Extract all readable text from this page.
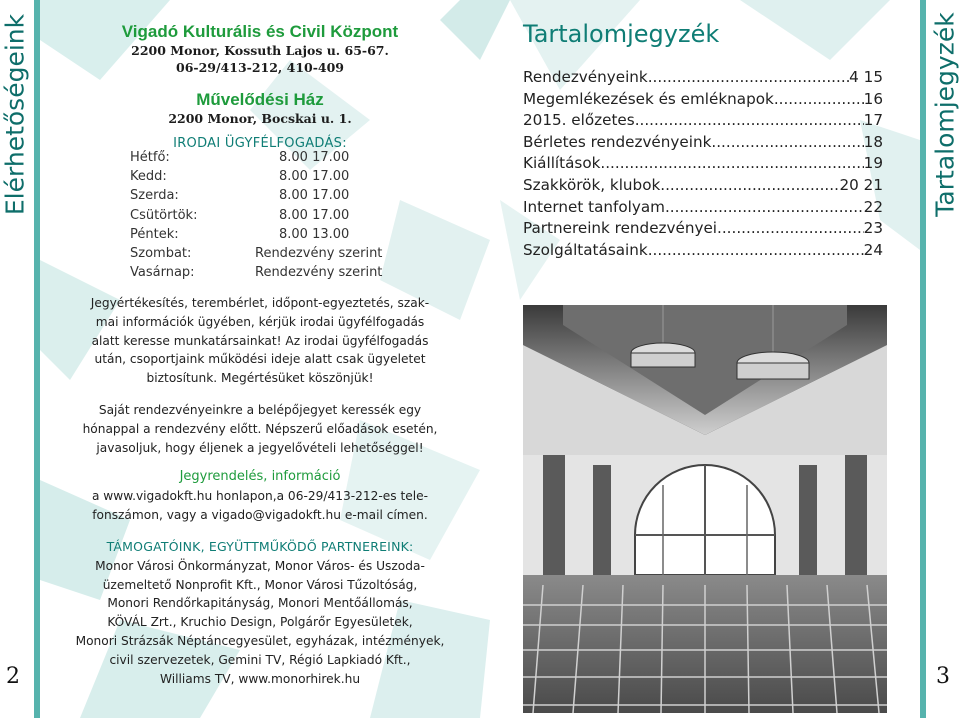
Elérhetőségeink
2
Tartalomjegyzék
3
Vigadó Kulturális és Civil Központ
2200 Monor, Kossuth Lajos u. 65-67.
06-29/413-212, 410-409
Művelődési Ház
2200 Monor, Bocskai u. 1.
IRODAI ÜGYFÉLFOGADÁS:
Hétfő:	8.00 17.00
Kedd:	8.00 17.00
Szerda:	8.00 17.00
Csütörtök:	8.00 17.00
Péntek:	8.00 13.00
Szombat:	Rendezvény szerint
Vasárnap:	Rendezvény szerint
Jegyértékesítés, terembérlet, időpont-egyeztetés, szak-
mai információk ügyében, kérjük irodai ügyfélfogadás
alatt keresse munkatársainkat! Az irodai ügyfélfogadás
után, csoportjaink működési ideje alatt csak ügyeletet
biztosítunk. Megértésüket köszönjük!
Saját rendezvényeinkre a belépőjegyet keressék egy
hónappal a rendezvény előtt. Népszerű előadások esetén,
javasoljuk, hogy éljenek a jegyelővételi lehetőséggel!
Jegyrendelés, információ
a www.vigadokft.hu honlapon,a 06-29/413-212-es tele-
fonszámon, vagy a vigado@vigadokft.hu e-mail címen.
TÁMOGATÓINK, EGYÜTTMŰKÖDŐ PARTNEREINK:
Monor Városi Önkormányzat, Monor Város- és Uszoda-
üzemeltető Nonprofit Kft., Monor Városi Tűzoltóság,
Monori Rendőrkapitányság, Monori Mentőállomás,
KÖVÁL Zrt., Kruchio Design, Polgárőr Egyesületek,
Monori Strázsák Néptáncegyesület, egyházak, intézmények,
civil szervezetek, Gemini TV, Régió Lapkiadó Kft.,
Williams TV, www.monorhirek.hu
Tartalomjegyzék
Rendezvényeink .....	4 15
Megemlékezések és emléknapok .....	16
2015. előzetes .....	17
Bérletes rendezvényeink .....	18
Kiállítások .....	19
Szakkörök, klubok .....	20 21
Internet tanfolyam .....	22
Partnereink rendezvényei .....	23
Szolgáltatásaink .....	24
